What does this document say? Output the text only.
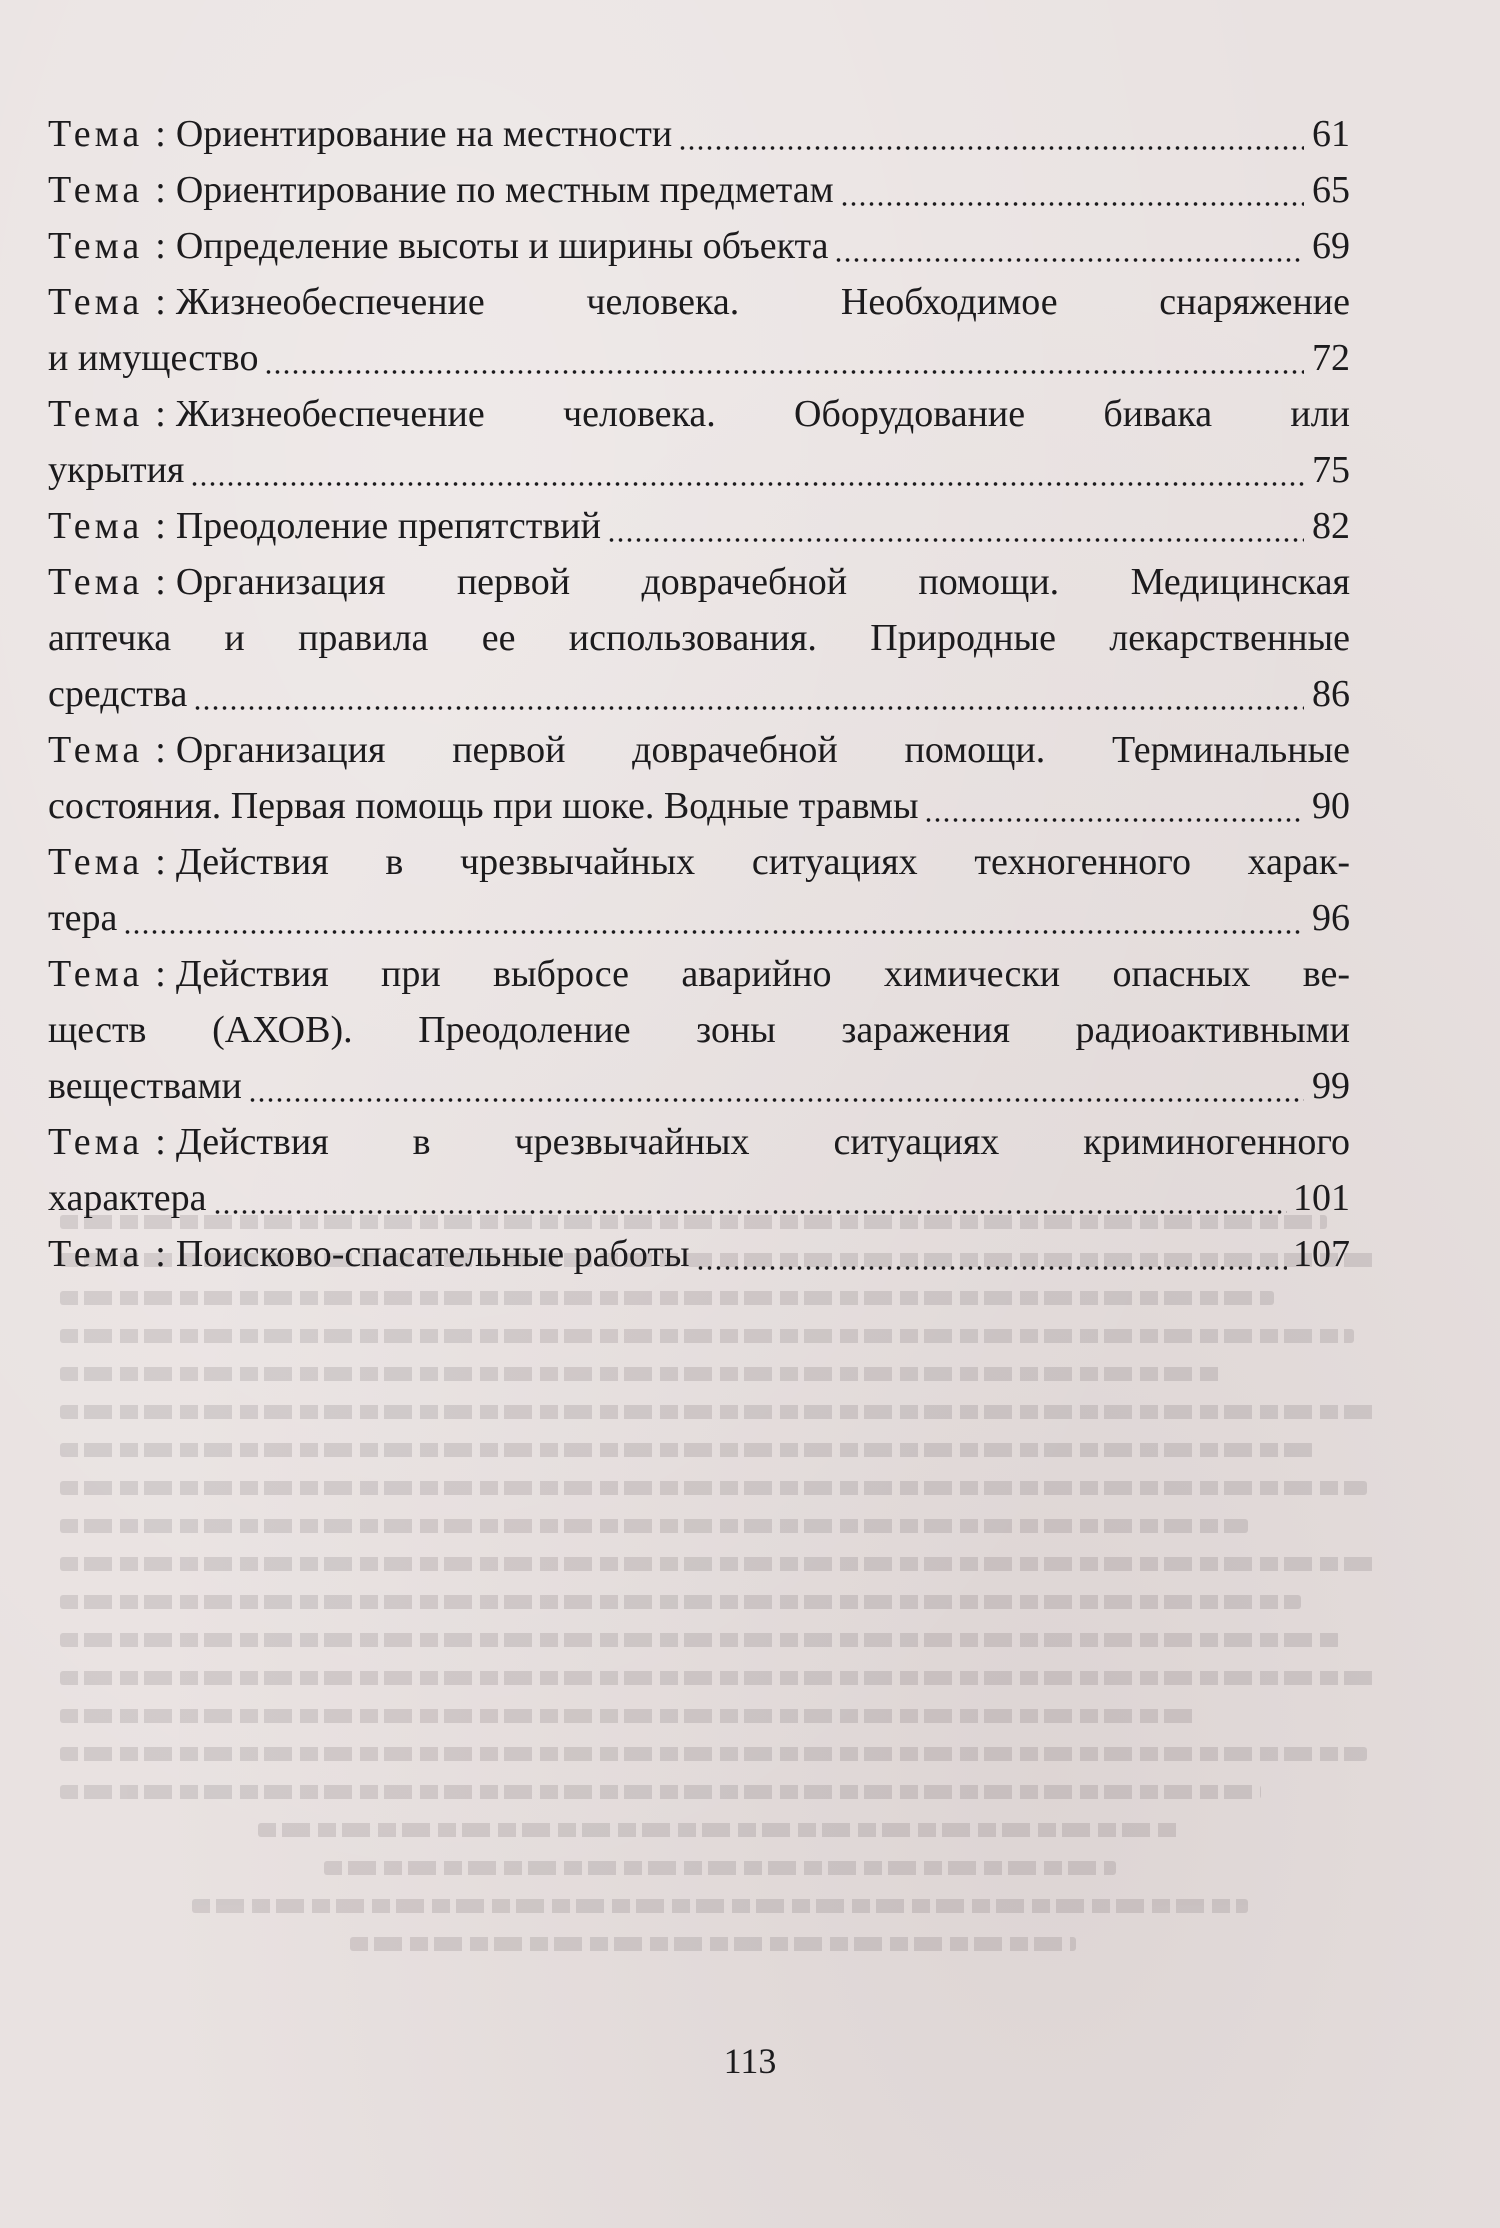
Тема : Ориентирование на местности	61
Тема : Ориентирование по местным предметам	65
Тема : Определение высоты и ширины объекта	69
Тема : Жизнеобеспечение человека. Необходимое снаряжение
и имущество	72
Тема : Жизнеобеспечение человека. Оборудование бивака или
укрытия	75
Тема : Преодоление препятствий	82
Тема : Организация первой доврачебной помощи. Медицинская
аптечка и правила ее использования. Природные лекарственные
средства	86
Тема : Организация первой доврачебной помощи. Терминальные
состояния. Первая помощь при шоке. Водные травмы	90
Тема : Действия в чрезвычайных ситуациях техногенного харак-
тера	96
Тема : Действия при выбросе аварийно химически опасных ве-
ществ (АХОВ). Преодоление зоны заражения радиоактивными
веществами	99
Тема : Действия в чрезвычайных ситуациях криминогенного
характера	101
Тема : Поисково-спасательные работы	107
113
